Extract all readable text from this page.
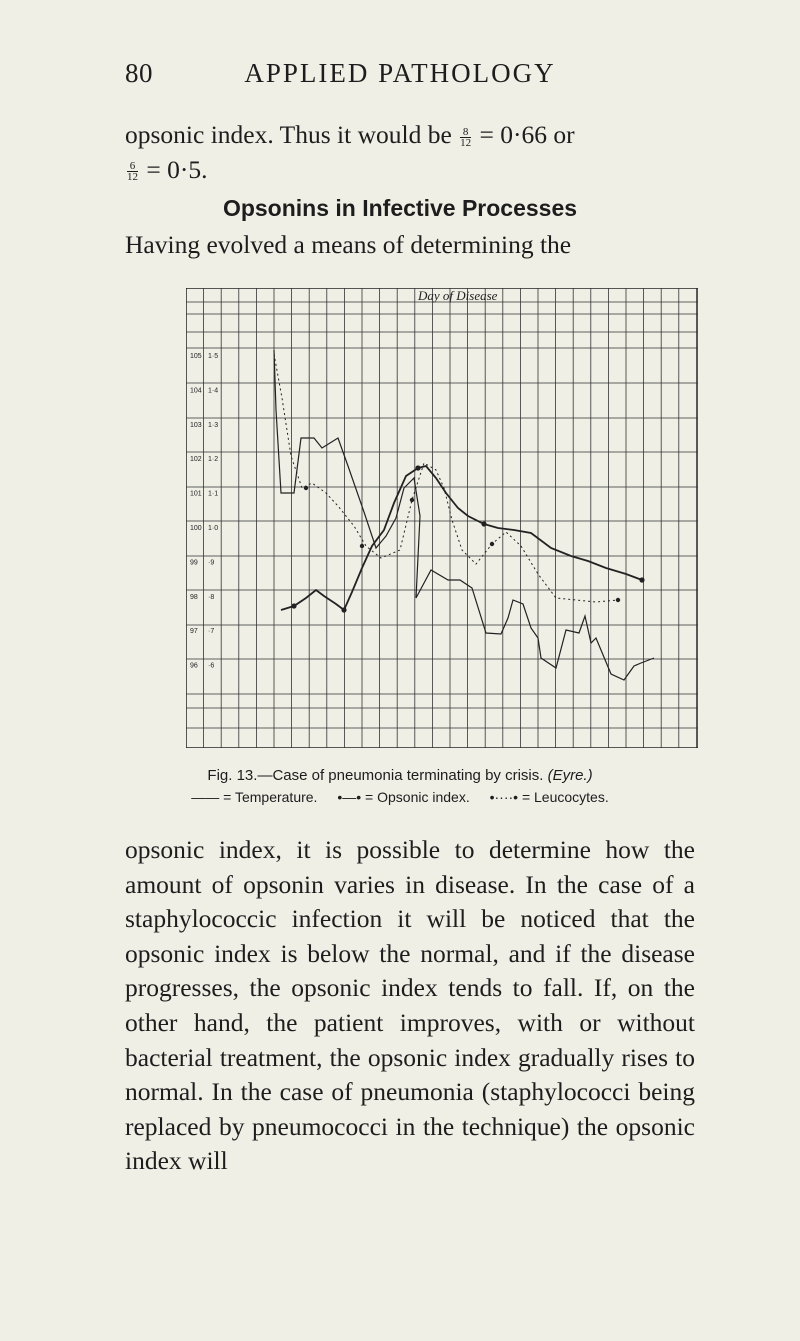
80	APPLIED PATHOLOGY
opsonic index. Thus it would be $\frac{8}{12} = 0\cdot 66$ or

$\frac{6}{12} = 0\cdot 5$.
Opsonins in Infective Processes
Having evolved a means of determining the
Day of Disease
105 1·5
104 1·4
103 1·3
102 1·2
101 1·1
100 1·0
99 ·9
98 ·8
97 ·7
96 ·6
Fig. 13.—Case of pneumonia terminating by crisis. (Eyre.)
—— = Temperature. •—• = Opsonic index. •····• = Leucocytes.
opsonic index, it is possible to determine how the amount of opsonin varies in disease. In the case of a staphylococcic infection it will be noticed that the opsonic index is below the normal, and if the disease progresses, the opsonic index tends to fall. If, on the other hand, the patient improves, with or without bacterial treatment, the opsonic index gradually rises to normal. In the case of pneumonia (staphylococci being replaced by pneumococci in the technique) the opsonic index will
